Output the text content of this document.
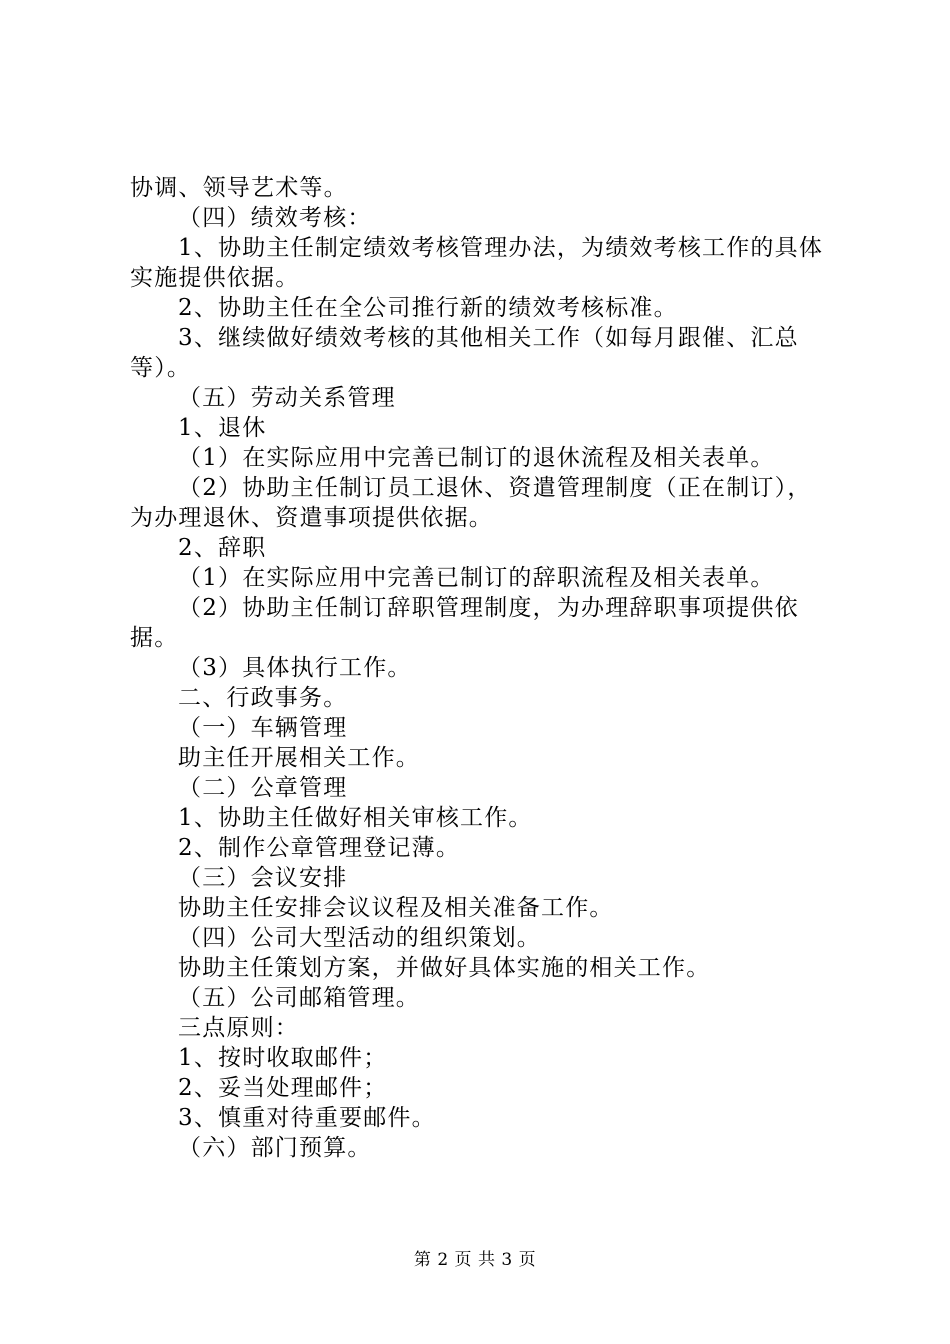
协调、领导艺术等。

（四）绩效考核：

1、协助主任制定绩效考核管理办法，为绩效考核工作的具体实施提供依据。

2、协助主任在全公司推行新的绩效考核标准。

3、继续做好绩效考核的其他相关工作（如每月跟催、汇总等）。

（五）劳动关系管理

1、退休

（1）在实际应用中完善已制订的退休流程及相关表单。

（2）协助主任制订员工退休、资遣管理制度（正在制订），为办理退休、资遣事项提供依据。

2、辞职

（1）在实际应用中完善已制订的辞职流程及相关表单。

（2）协助主任制订辞职管理制度，为办理辞职事项提供依据。

（3）具体执行工作。

二、行政事务。

（一）车辆管理

助主任开展相关工作。

（二）公章管理

1、协助主任做好相关审核工作。

2、制作公章管理登记薄。

（三）会议安排

协助主任安排会议议程及相关准备工作。

（四）公司大型活动的组织策划。

协助主任策划方案，并做好具体实施的相关工作。

（五）公司邮箱管理。

三点原则：

1、按时收取邮件；

2、妥当处理邮件；

3、慎重对待重要邮件。

（六）部门预算。

第 2 页 共 3 页
